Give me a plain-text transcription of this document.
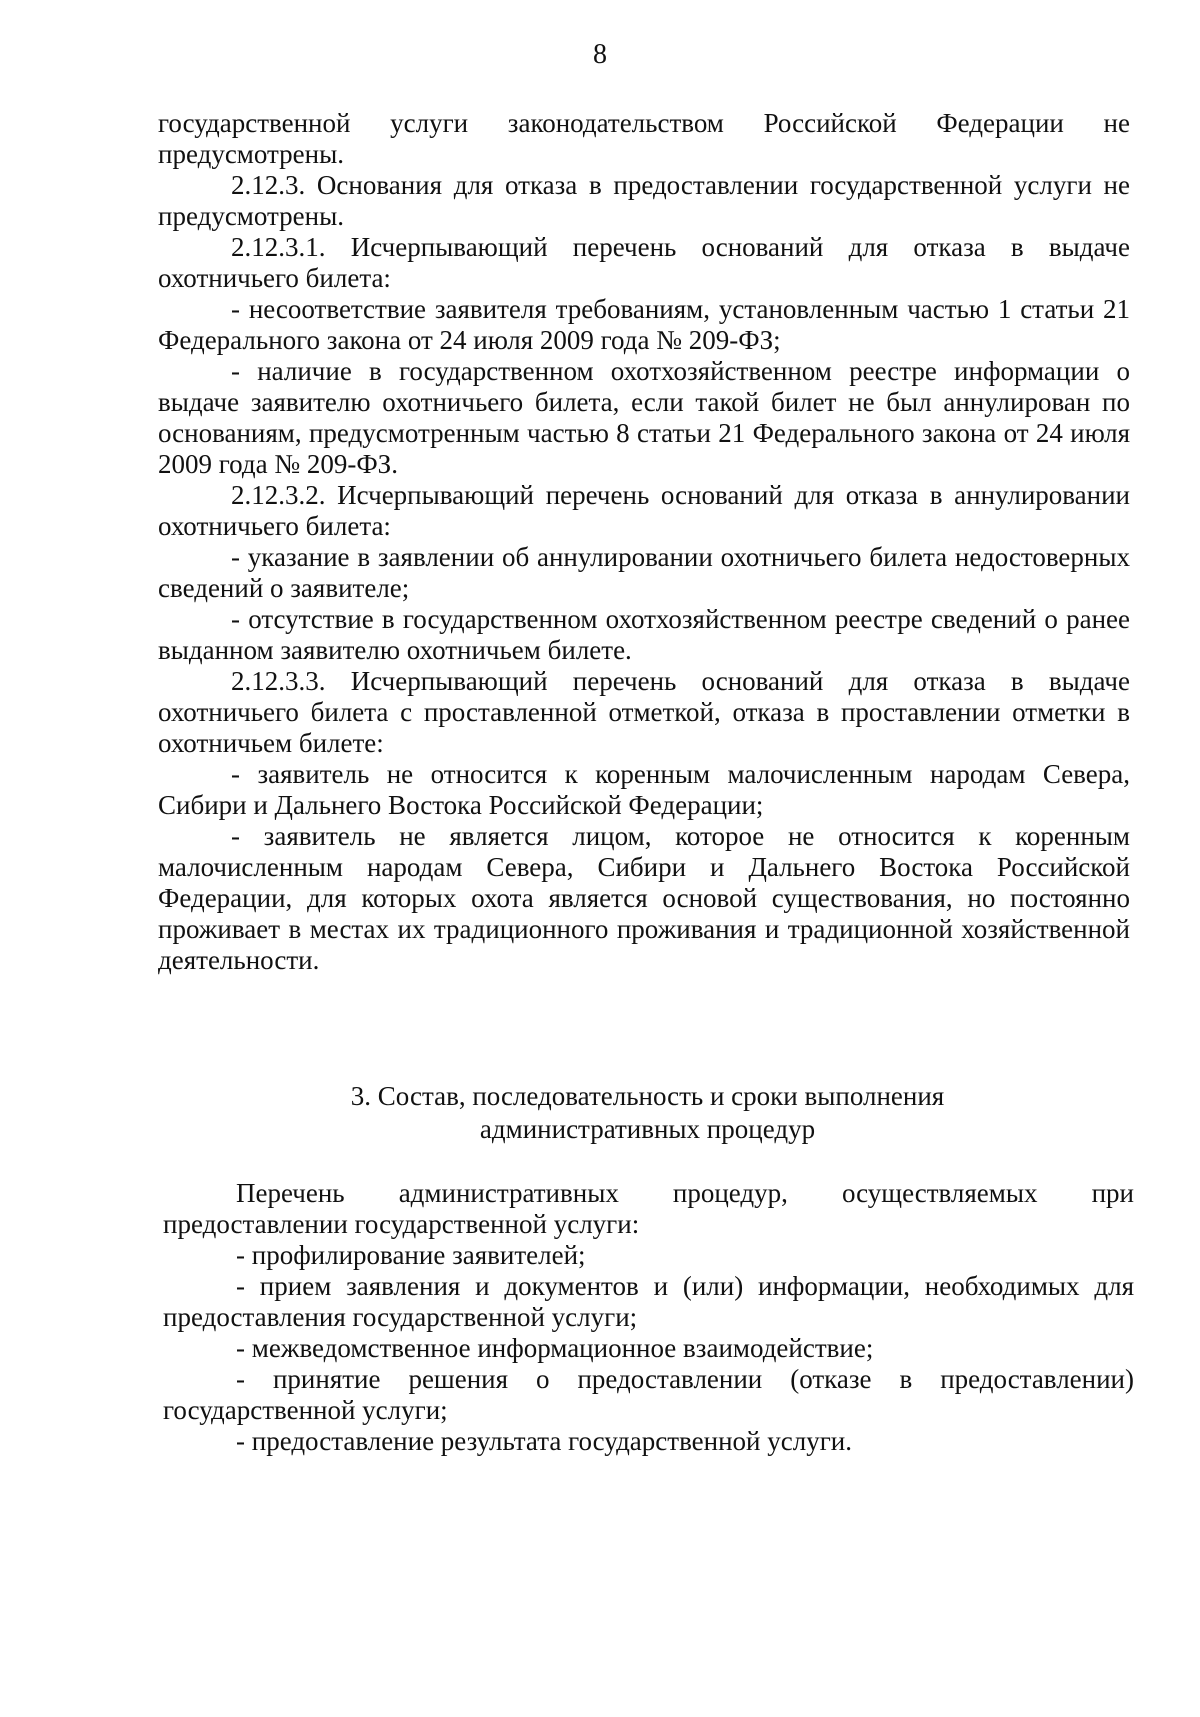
8

государственной услуги законодательством Российской Федерации не предусмотрены.

2.12.3. Основания для отказа в предоставлении государственной услуги не предусмотрены.

2.12.3.1. Исчерпывающий перечень оснований для отказа в выдаче охотничьего билета:

- несоответствие заявителя требованиям, установленным частью 1 статьи 21 Федерального закона от 24 июля 2009 года № 209-ФЗ;

- наличие в государственном охотхозяйственном реестре информации о выдаче заявителю охотничьего билета, если такой билет не был аннулирован по основаниям, предусмотренным частью 8 статьи 21 Федерального закона от 24 июля 2009 года № 209-ФЗ.

2.12.3.2. Исчерпывающий перечень оснований для отказа в аннулировании охотничьего билета:

- указание в заявлении об аннулировании охотничьего билета недостоверных сведений о заявителе;

- отсутствие в государственном охотхозяйственном реестре сведений о ранее выданном заявителю охотничьем билете.

2.12.3.3. Исчерпывающий перечень оснований для отказа в выдаче охотничьего билета с проставленной отметкой, отказа в проставлении отметки в охотничьем билете:

- заявитель не относится к коренным малочисленным народам Севера, Сибири и Дальнего Востока Российской Федерации;

- заявитель не является лицом, которое не относится к коренным малочисленным народам Севера, Сибири и Дальнего Востока Российской Федерации, для которых охота является основой существования, но постоянно проживает в местах их традиционного проживания и традиционной хозяйственной деятельности.

3. Состав, последовательность и сроки выполнения
административных процедур

Перечень административных процедур, осуществляемых при предоставлении государственной услуги:

- профилирование заявителей;

- прием заявления и документов и (или) информации, необходимых для предоставления государственной услуги;

- межведомственное информационное взаимодействие;

- принятие решения о предоставлении (отказе в предоставлении) государственной услуги;

- предоставление результата государственной услуги.
